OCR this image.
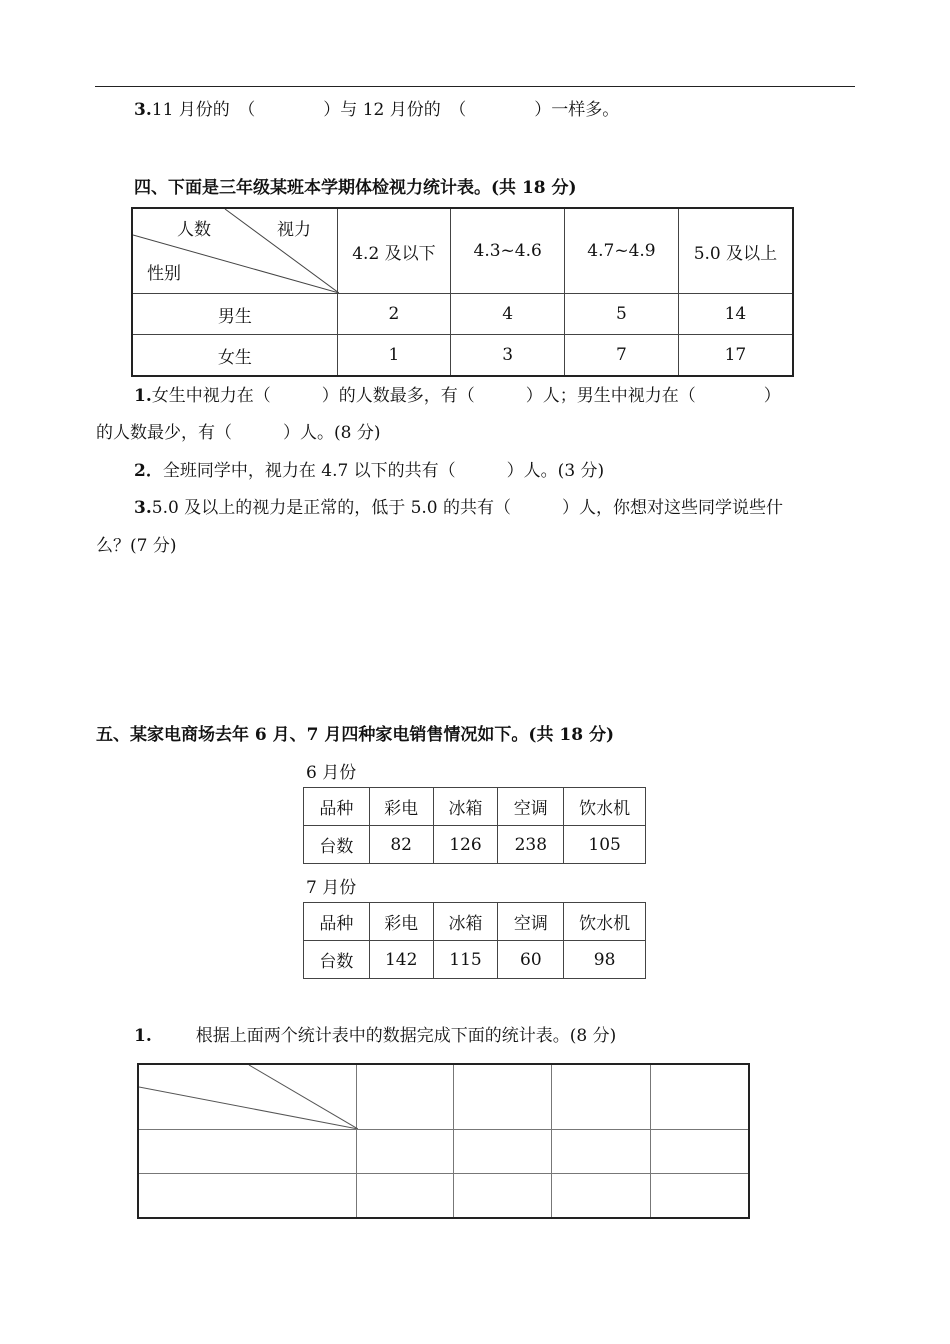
3.11 月份的　（　　　　）与 12 月份的　（　　　　）一样多。
四、下面是三年级某班本学期体检视力统计表。(共 18 分)
人数 视力
性别	4.2 及以下	4.3~4.6	4.7~4.9	5.0 及以上
男生	2	4	5	14
女生	1	3	7	17
1.女生中视力在（　　　）的人数最多，有（　　　）人；男生中视力在（　　　　）
的人数最少，有（　　　）人。(8 分)
2．全班同学中，视力在 4.7 以下的共有（　　　）人。(3 分)
3.5.0 及以上的视力是正常的，低于 5.0 的共有（　　　）人，你想对这些同学说些什
么？(7 分)
五、某家电商场去年 6 月、7 月四种家电销售情况如下。(共 18 分)
6 月份
品种	彩电	冰箱	空调	饮水机
台数	82	126	238	105
7 月份
品种	彩电	冰箱	空调	饮水机
台数	142	115	60	98
1.	根据上面两个统计表中的数据完成下面的统计表。(8 分)
